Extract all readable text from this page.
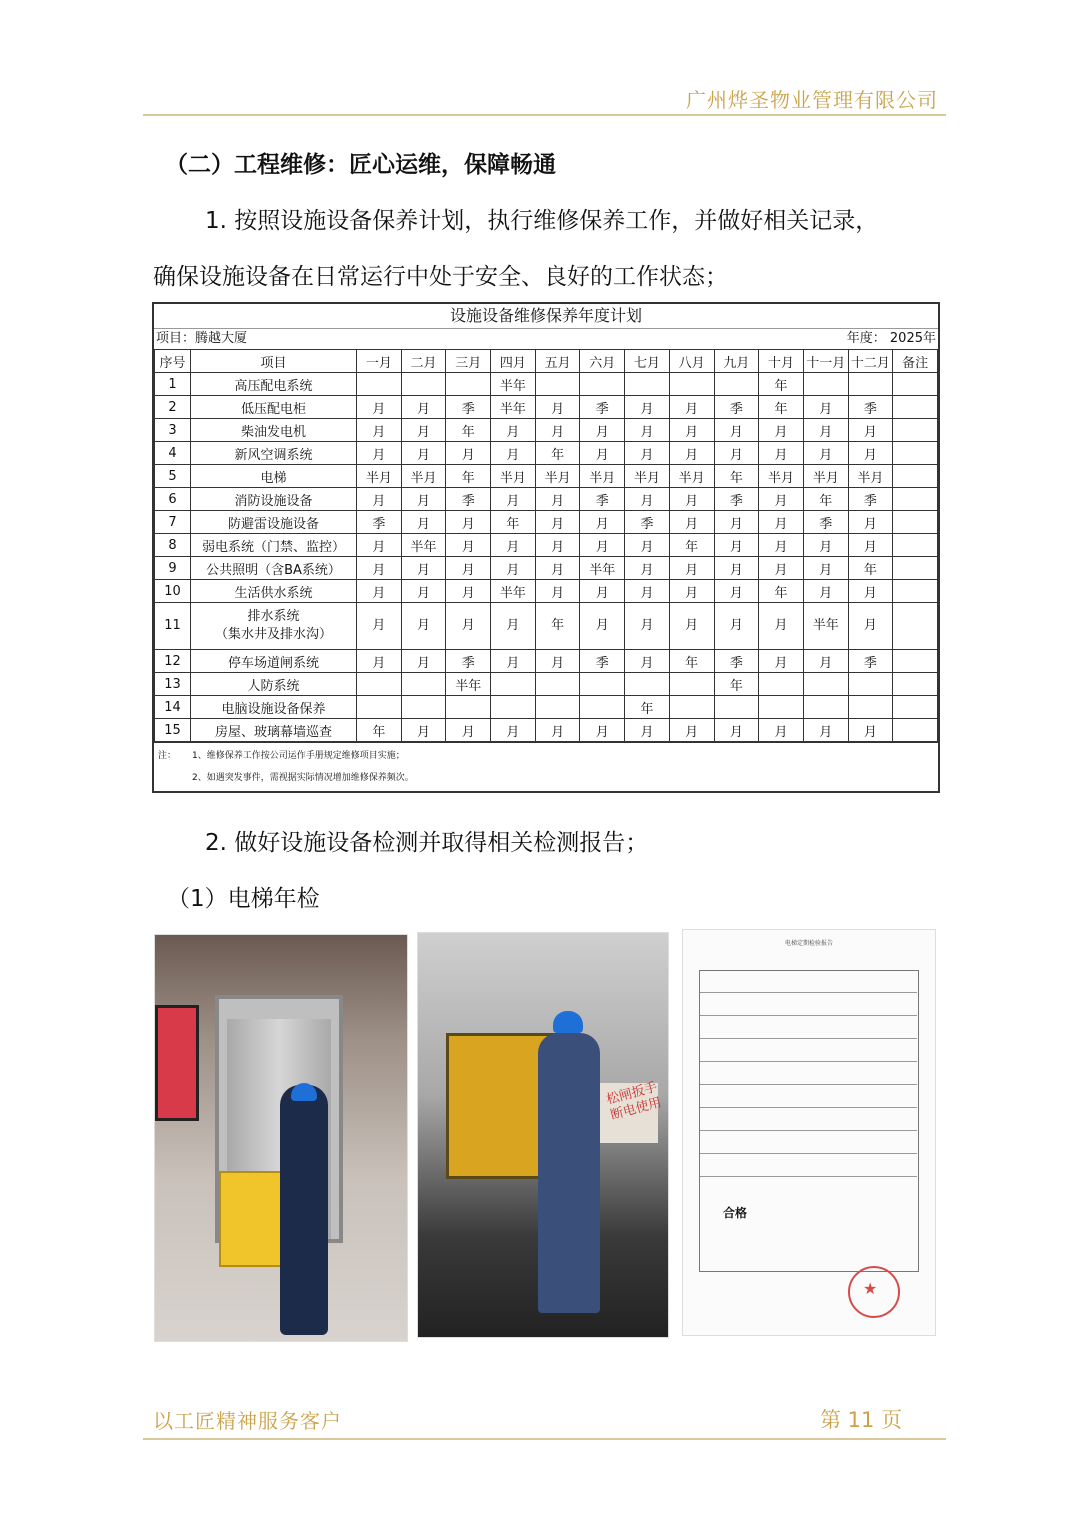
广州烨圣物业管理有限公司
（二）工程维修：匠心运维，保障畅通
1. 按照设施设备保养计划，执行维修保养工作，并做好相关记录，
确保设施设备在日常运行中处于安全、良好的工作状态；
设施设备维修保养年度计划
项目：腾越大厦	年度： 2025年
序号	项目	一月	二月	三月	四月	五月	六月	七月	八月	九月	十月	十一月	十二月	备注
1	高压配电系统				半年						年			
2	低压配电柜	月	月	季	半年	月	季	月	月	季	年	月	季	
3	柴油发电机	月	月	年	月	月	月	月	月	月	月	月	月	
4	新风空调系统	月	月	月	月	年	月	月	月	月	月	月	月	
5	电梯	半月	半月	年	半月	半月	半月	半月	半月	年	半月	半月	半月	
6	消防设施设备	月	月	季	月	月	季	月	月	季	月	年	季	
7	防避雷设施设备	季	月	月	年	月	月	季	月	月	月	季	月	
8	弱电系统（门禁、监控）	月	半年	月	月	月	月	月	年	月	月	月	月	
9	公共照明（含BA系统）	月	月	月	月	月	半年	月	月	月	月	月	年	
10	生活供水系统	月	月	月	半年	月	月	月	月	月	年	月	月	
11	排水系统
（集水井及排水沟）	月	月	月	月	年	月	月	月	月	月	半年	月	
12	停车场道闸系统	月	月	季	月	月	季	月	年	季	月	月	季	
13	人防系统			半年						年				
14	电脑设施设备保养							年						
15	房屋、玻璃幕墙巡查	年	月	月	月	月	月	月	月	月	月	月	月	
注：	1、维修保养工作按公司运作手册规定维修项目实施；
2、如遇突发事件，需视据实际情况增加维修保养频次。
2. 做好设施设备检测并取得相关检测报告；
（1）电梯年检
松闸扳手 断电使用
电梯定期检验报告
合格
★
以工匠精神服务客户	第 11 页
